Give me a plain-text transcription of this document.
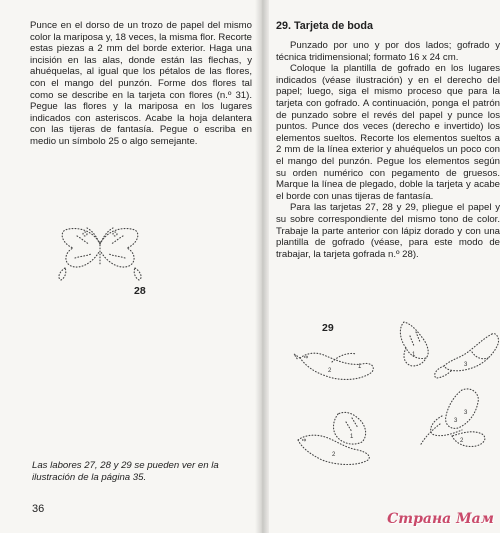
Punce en el dorso de un trozo de papel del mismo color la mariposa y, 18 veces, la misma flor. Recorte estas piezas a 2 mm del borde exterior. Haga una incisión en las alas, donde están las flechas, y ahuéquelas, al igual que los pétalos de las flores, con el mango del punzón. Forme dos flores tal como se describe en la tarjeta con flores (n.º 31). Pegue las flores y la mariposa en los lugares indicados con asteriscos. Acabe la hoja delantera con las tijeras de fantasía. Pegue o escriba en medio un símbolo 25 o algo semejante.

28
Las labores 27, 28 y 29 se pueden ver en la ilustración de la página 35.
36
29. Tarjeta de boda

Punzado por uno y por dos lados; gofrado y técnica tridimensional; formato 16 x 24 cm.

Coloque la plantilla de gofrado en los lugares indicados (véase ilustración) y en el derecho del papel; luego, siga el mismo proceso que para la tarjeta con gofrado. A continuación, ponga el patrón de punzado sobre el revés del papel y punce los puntos. Punce dos veces (derecho e invertido) los elementos sueltos. Recorte los elementos sueltos a 2 mm de la línea exterior y ahuéquelos un poco con el mango del punzón. Pegue los elementos según su orden numérico con pegamento de gruesos. Marque la línea de plegado, doble la tarjeta y acabe el borde con unas tijeras de fantasía.

Para las tarjetas 27, 28 y 29, pliegue el papel y su sobre correspondiente del mismo tono de color. Trabaje la parte anterior con lápiz dorado y con una plantilla de gofrado (véase, para este modo de trabajar, la tarjeta gofrada n.º 28).

29
2
1
1
3
1
2
3
3
2
Страна Мам
